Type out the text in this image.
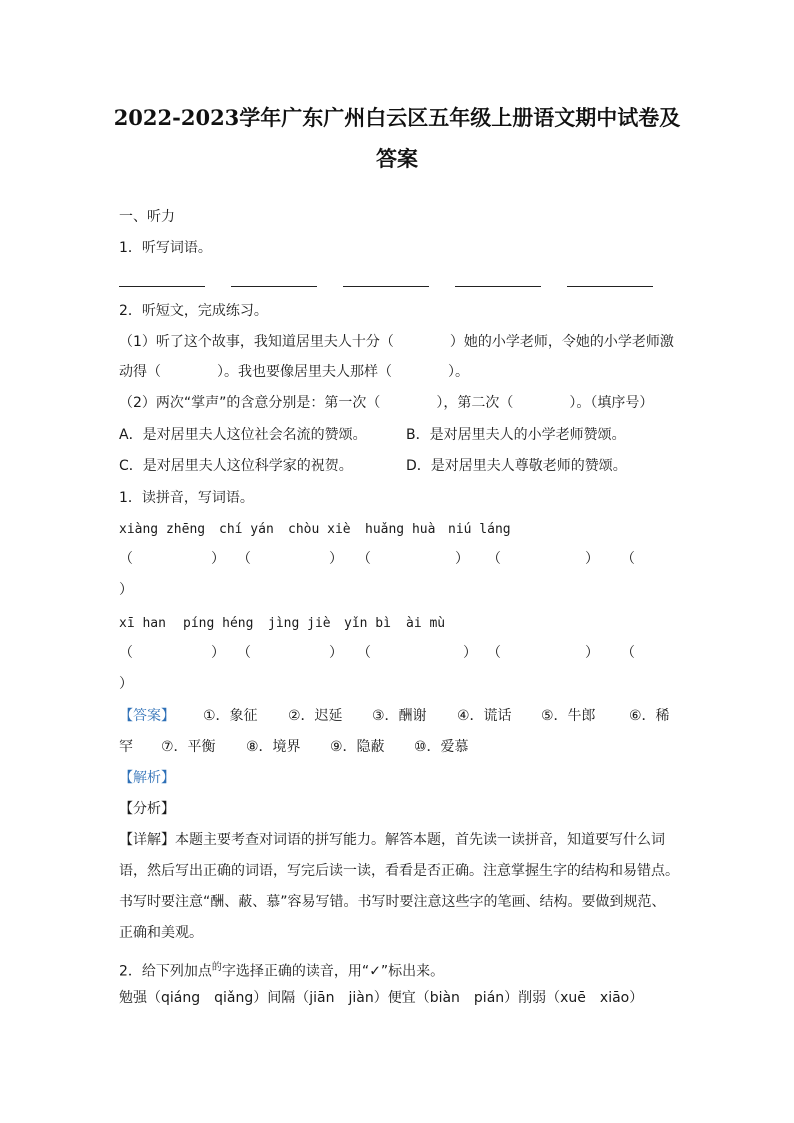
2022-2023学年广东广州白云区五年级上册语文期中试卷及
答案
一、听力
1．听写词语。
2．听短文，完成练习。
（1）听了这个故事，我知道居里夫人十分（　　　　）她的小学老师，令她的小学老师激
动得（　　　　）。我也要像居里夫人那样（　　　　）。
（2）两次“掌声”的含意分别是：第一次（　　　　），第二次（　　　　）。（填序号）
A．是对居里夫人这位社会名流的赞颂。	B．是对居里夫人的小学老师赞颂。
C．是对居里夫人这位科学家的祝贺。	D．是对居里夫人尊敬老师的赞颂。
1．读拼音，写词语。
xiàng zhēng chí yán chòu xiè huǎng huà niú láng
（	） （	） （	） （	） （
）
xī han píng héng jìng jiè yǐn bì ài mù
（	） （	） （	） （	） （
）
【答案】 ①．象征 ②．迟延 ③．酬谢 ④．谎话 ⑤．牛郎 ⑥．稀
罕 ⑦．平衡 ⑧．境界 ⑨．隐蔽 ⑩．爱慕
【解析】
【分析】
【详解】本题主要考查对词语的拼写能力。解答本题，首先读一读拼音，知道要写什么词
语，然后写出正确的词语，写完后读一读，看看是否正确。注意掌握生字的结构和易错点。
书写时要注意“酬、蔽、慕”容易写错。书写时要注意这些字的笔画、结构。要做到规范、
正确和美观。
2．给下列加点$^的$字选择正确的读音，用“✓”标出来。
勉强（qiáng　qiǎng）间隔（jiān　jiàn）便宜（biàn　pián）削弱（xuē　xiāo）
